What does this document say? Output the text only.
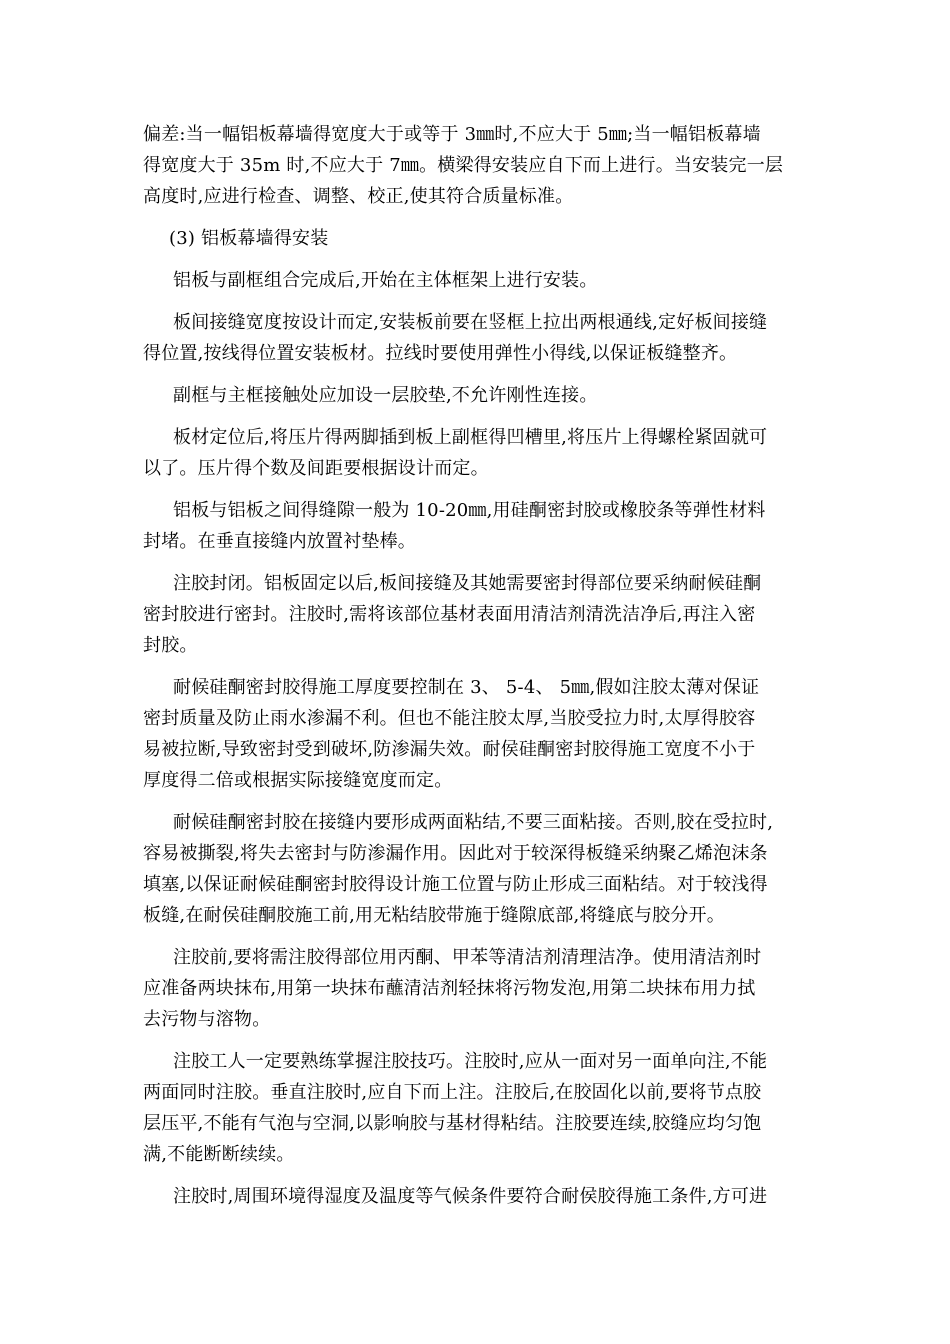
偏差:当一幅铝板幕墙得宽度大于或等于 3㎜时,不应大于 5㎜;当一幅铝板幕墙
得宽度大于 35m 时,不应大于 7㎜。横梁得安装应自下而上进行。当安装完一层
高度时,应进行检查、调整、校正,使其符合质量标准。

(3) 铝板幕墙得安装

铝板与副框组合完成后,开始在主体框架上进行安装。

板间接缝宽度按设计而定,安装板前要在竖框上拉出两根通线,定好板间接缝
得位置,按线得位置安装板材。拉线时要使用弹性小得线,以保证板缝整齐。

副框与主框接触处应加设一层胶垫,不允许刚性连接。

板材定位后,将压片得两脚插到板上副框得凹槽里,将压片上得螺栓紧固就可
以了。压片得个数及间距要根据设计而定。

铝板与铝板之间得缝隙一般为 10-20㎜,用硅酮密封胶或橡胶条等弹性材料
封堵。在垂直接缝内放置衬垫棒。

注胶封闭。铝板固定以后,板间接缝及其她需要密封得部位要采纳耐候硅酮
密封胶进行密封。注胶时,需将该部位基材表面用清洁剂清洗洁净后,再注入密
封胶。

耐候硅酮密封胶得施工厚度要控制在 3、 5-4、 5㎜,假如注胶太薄对保证
密封质量及防止雨水渗漏不利。但也不能注胶太厚,当胶受拉力时,太厚得胶容
易被拉断,导致密封受到破坏,防渗漏失效。耐侯硅酮密封胶得施工宽度不小于
厚度得二倍或根据实际接缝宽度而定。

耐候硅酮密封胶在接缝内要形成两面粘结,不要三面粘接。否则,胶在受拉时,
容易被撕裂,将失去密封与防渗漏作用。因此对于较深得板缝采纳聚乙烯泡沫条
填塞,以保证耐候硅酮密封胶得设计施工位置与防止形成三面粘结。对于较浅得
板缝,在耐侯硅酮胶施工前,用无粘结胶带施于缝隙底部,将缝底与胶分开。

注胶前,要将需注胶得部位用丙酮、甲苯等清洁剂清理洁净。使用清洁剂时
应准备两块抹布,用第一块抹布蘸清洁剂轻抹将污物发泡,用第二块抹布用力拭
去污物与溶物。

注胶工人一定要熟练掌握注胶技巧。注胶时,应从一面对另一面单向注,不能
两面同时注胶。垂直注胶时,应自下而上注。注胶后,在胶固化以前,要将节点胶
层压平,不能有气泡与空洞,以影响胶与基材得粘结。注胶要连续,胶缝应均匀饱
满,不能断断续续。

注胶时,周围环境得湿度及温度等气候条件要符合耐侯胶得施工条件,方可进
